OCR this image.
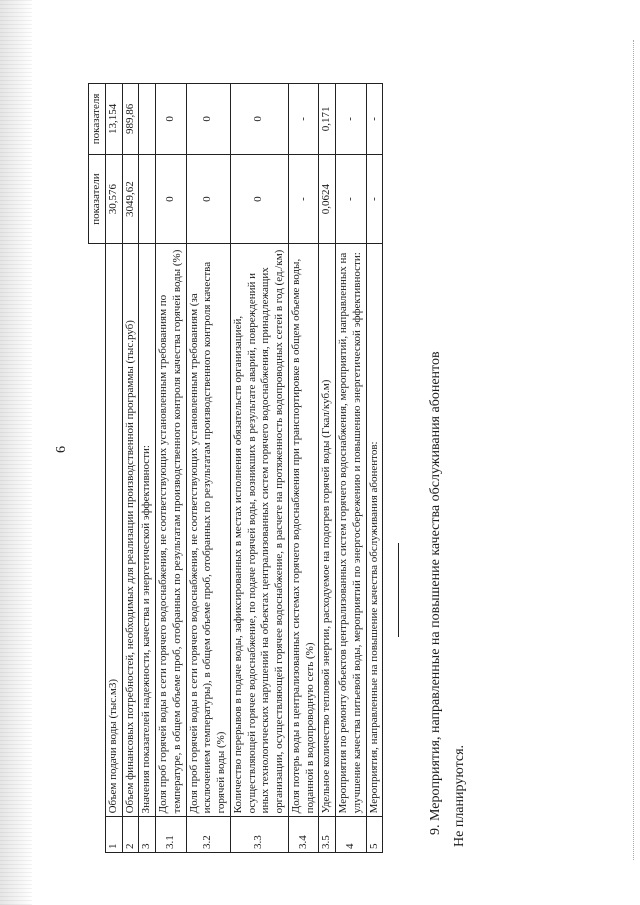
6
		показатели	показателя
1	Объем подачи воды (тыс.м3)	30,576	13,154
2	Объем финансовых потребностей, необходимых для реализации производственной программы (тыс.руб)	3049,62	989,86
3	Значения показателей надежности, качества и энергетической эффективности:		
3.1	Доля проб горячей воды в сети горячего водоснабжения, не соответствующих установленным требованиям по температуре, в общем объеме проб, отобранных по результатам производственного контроля качества горячей воды (%)	0	0
3.2	Доля проб горячей воды в сети горячего водоснабжения, не соответствующих установленным требованиям (за исключением температуры), в общем объеме проб, отобранных по результатам производственного контроля качества горячей воды (%)	0	0
3.3	Количество перерывов в подаче воды, зафиксированных в местах исполнения обязательств организацией, осуществляющей горячее водоснабжение, по подаче горячей воды, возникших в результате аварий, повреждений и иных технологических нарушений на объектах централизованных систем горячего водоснабжения, принадлежащих организации, осуществляющей горячее водоснабжение, в расчете на протяженность водопроводных сетей в год (ед./км)	0	0
3.4	Доля потерь воды в централизованных системах горячего водоснабжения при транспортировке в общем объеме воды, поданной в водопроводную сеть (%)	-	-
3.5	Удельное количество тепловой энергии, расходуемое на подогрев горячей воды (Гкал/куб.м)	0,0624	0,171
4	Мероприятия по ремонту объектов централизованных систем горячего водоснабжения, мероприятий, направленных на улучшение качества питьевой воды, мероприятий по энергосбережению и повышению энергетической эффективности:	-	-
5	Мероприятия, направленные на повышение качества обслуживания абонентов:	-	-
9. Мероприятия, направленные на повышение качества обслуживания абонентов Не планируются.
